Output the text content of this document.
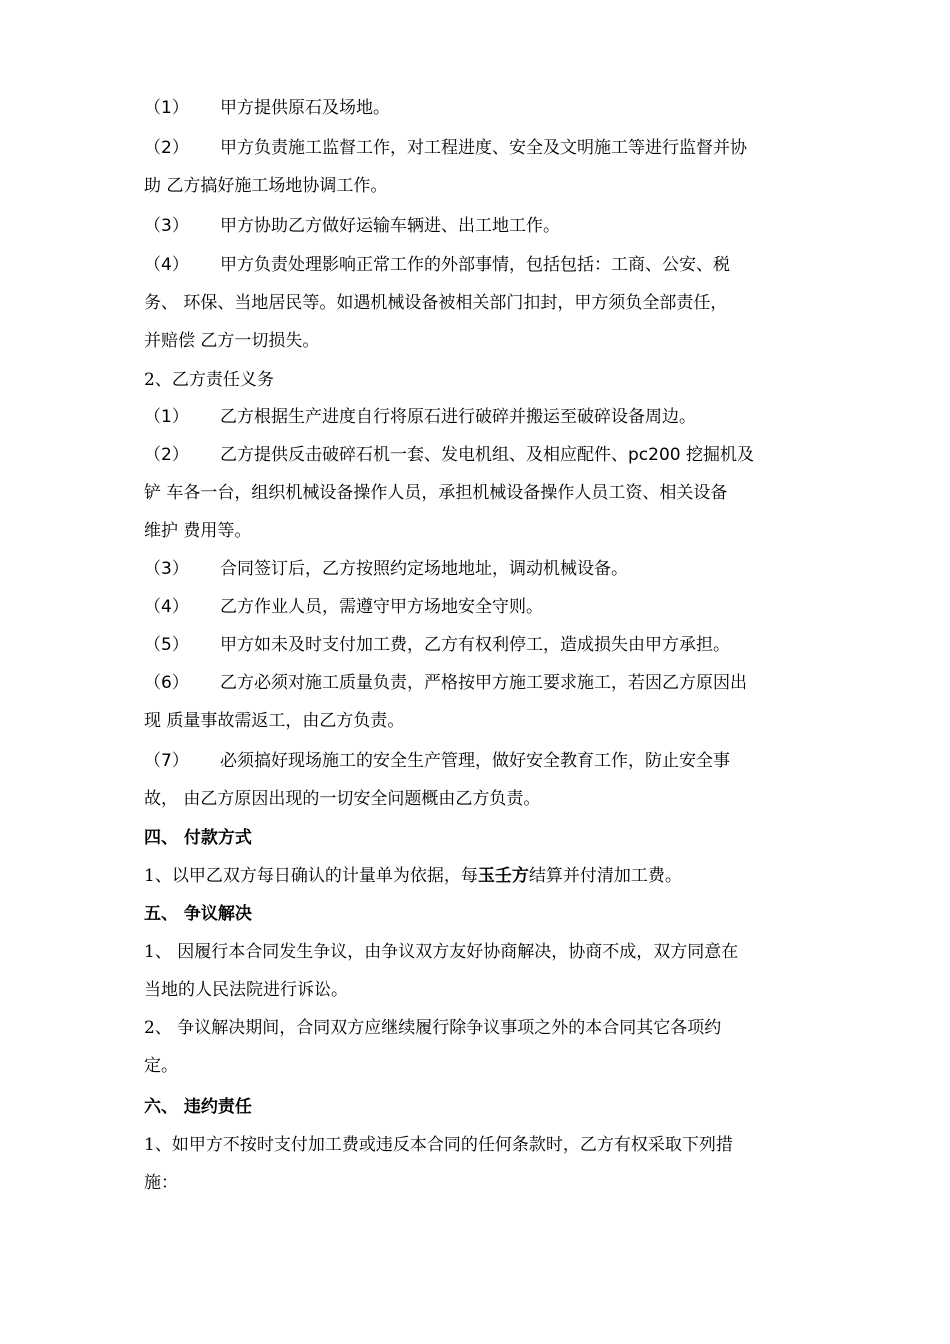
（1） 甲方提供原石及场地。
（2） 甲方负责施工监督工作，对工程进度、安全及文明施工等进行监督并协
助 乙方搞好施工场地协调工作。
（3） 甲方协助乙方做好运输车辆进、出工地工作。
（4） 甲方负责处理影响正常工作的外部事情，包括包括：工商、公安、税
务、 环保、当地居民等。如遇机械设备被相关部门扣封，甲方须负全部责任，
并赔偿 乙方一切损失。
2、乙方责任义务
（1） 乙方根据生产进度自行将原石进行破碎并搬运至破碎设备周边。
（2） 乙方提供反击破碎石机一套、发电机组、及相应配件、pc200 挖掘机及
铲 车各一台，组织机械设备操作人员，承担机械设备操作人员工资、相关设备
维护 费用等。
（3） 合同签订后，乙方按照约定场地地址，调动机械设备。
（4） 乙方作业人员，需遵守甲方场地安全守则。
（5） 甲方如未及时支付加工费，乙方有权利停工，造成损失由甲方承担。
（6） 乙方必须对施工质量负责，严格按甲方施工要求施工，若因乙方原因出
现 质量事故需返工，由乙方负责。
（7） 必须搞好现场施工的安全生产管理，做好安全教育工作，防止安全事
故， 由乙方原因出现的一切安全问题概由乙方负责。
四、 付款方式
1、以甲乙双方每日确认的计量单为依据，每玉壬方结算并付清加工费。
五、 争议解决
1、 因履行本合同发生争议，由争议双方友好协商解决，协商不成，双方同意在
当地的人民法院进行诉讼。
2、 争议解决期间，合同双方应继续履行除争议事项之外的本合同其它各项约
定。
六、 违约责任
1、如甲方不按时支付加工费或违反本合同的任何条款时，乙方有权采取下列措
施：
